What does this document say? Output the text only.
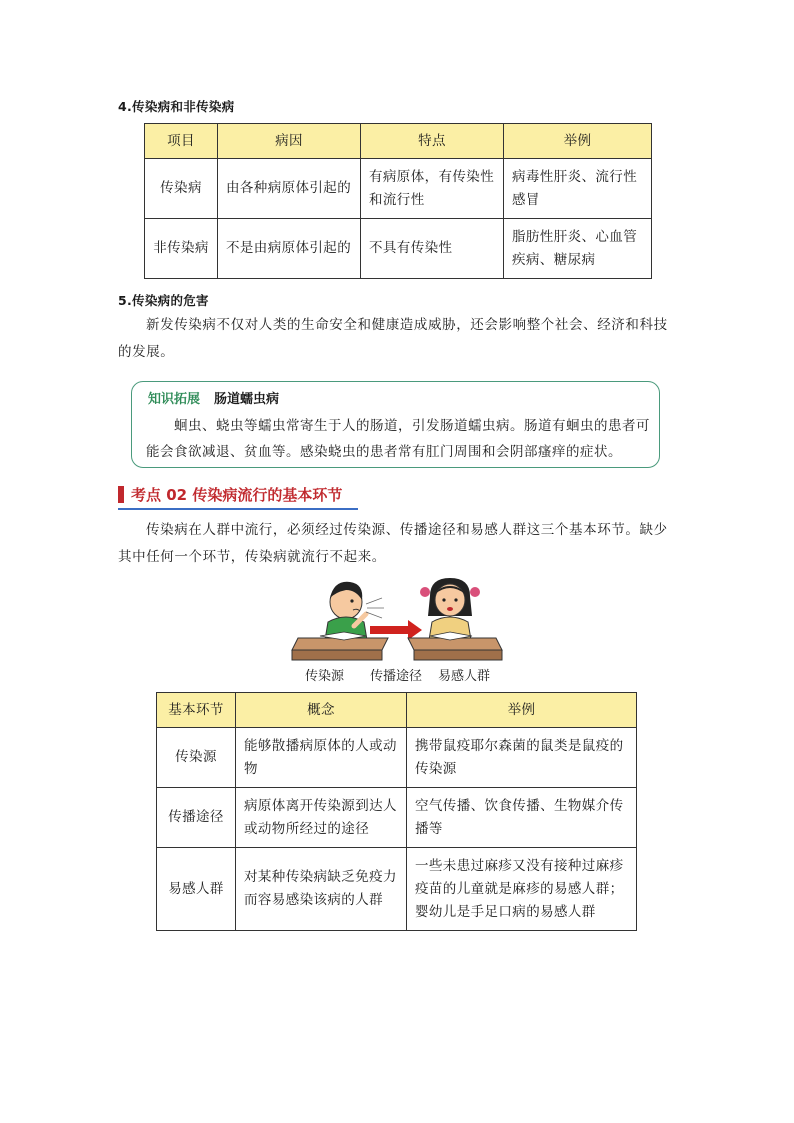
4.传染病和非传染病
项目	病因	特点	举例
传染病	由各种病原体引起的	有病原体，有传染性和流行性	病毒性肝炎、流行性感冒
非传染病	不是由病原体引起的	不具有传染性	脂肪性肝炎、心血管疾病、糖尿病
5.传染病的危害
新发传染病不仅对人类的生命安全和健康造成威胁，还会影响整个社会、经济和科技的发展。
知识拓展 肠道蠕虫病
蛔虫、蛲虫等蠕虫常寄生于人的肠道，引发肠道蠕虫病。肠道有蛔虫的患者可能会食欲减退、贫血等。感染蛲虫的患者常有肛门周围和会阴部瘙痒的症状。
考点 02 传染病流行的基本环节
传染病在人群中流行，必须经过传染源、传播途径和易感人群这三个基本环节。缺少其中任何一个环节，传染病就流行不起来。
传染源 传播途径 易感人群
基本环节	概念	举例
传染源	能够散播病原体的人或动物	携带鼠疫耶尔森菌的鼠类是鼠疫的传染源
传播途径	病原体离开传染源到达人或动物所经过的途径	空气传播、饮食传播、生物媒介传播等
易感人群	对某种传染病缺乏免疫力而容易感染该病的人群	一些未患过麻疹又没有接种过麻疹疫苗的儿童就是麻疹的易感人群；婴幼儿是手足口病的易感人群
